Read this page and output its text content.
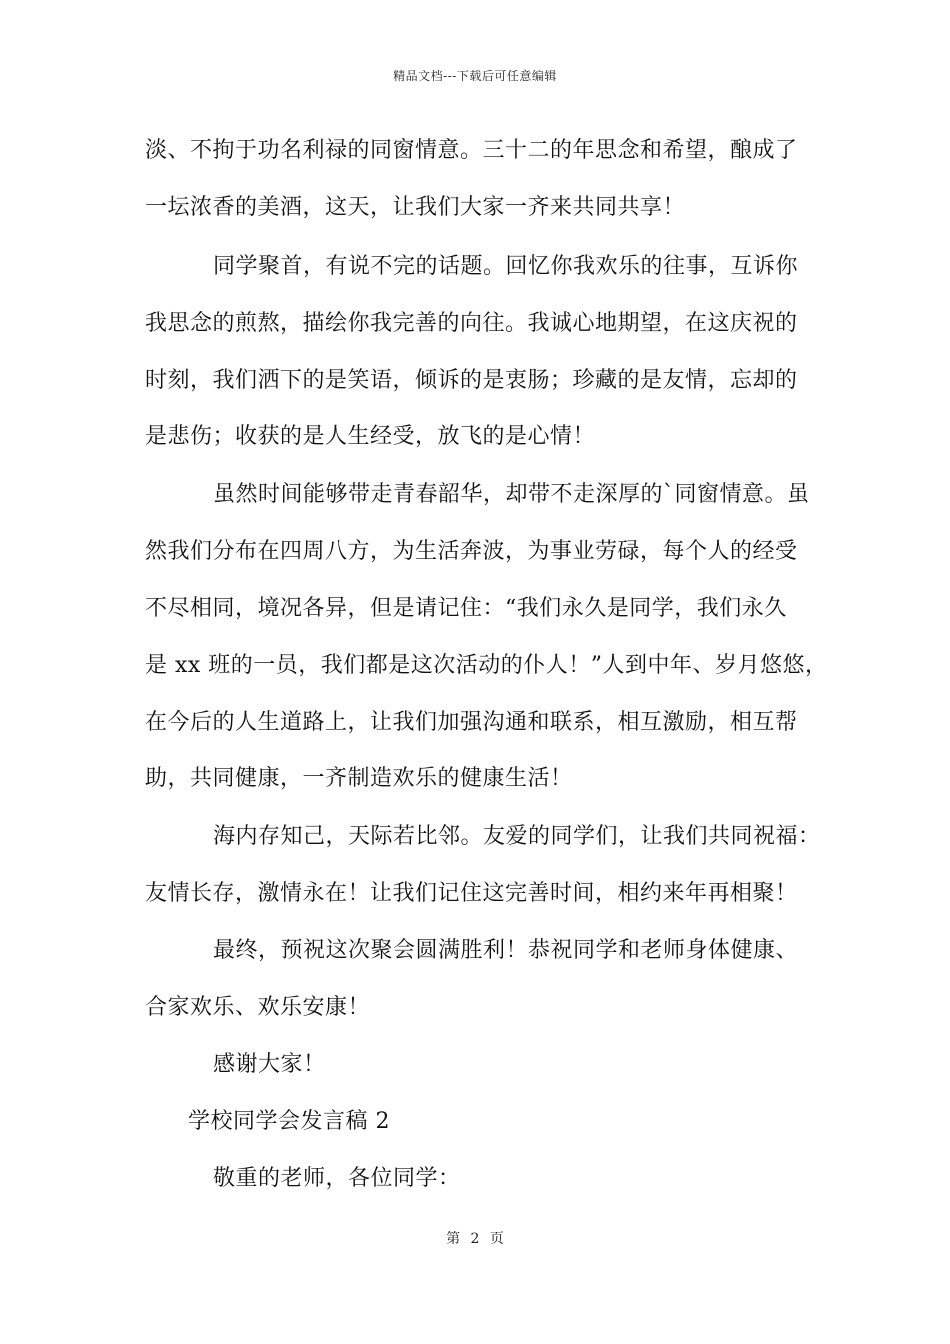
精品文档---下载后可任意编辑
淡、不拘于功名利禄的同窗情意。三十二的年思念和希望，酿成了
一坛浓香的美酒，这天，让我们大家一齐来共同共享！
同学聚首，有说不完的话题。回忆你我欢乐的往事，互诉你
我思念的煎熬，描绘你我完善的向往。我诚心地期望，在这庆祝的
时刻，我们洒下的是笑语，倾诉的是衷肠；珍藏的是友情，忘却的
是悲伤；收获的是人生经受，放飞的是心情！
虽然时间能够带走青春韶华，却带不走深厚的`同窗情意。虽
然我们分布在四周八方，为生活奔波，为事业劳碌，每个人的经受
不尽相同，境况各异，但是请记住：“我们永久是同学，我们永久
是 xx 班的一员，我们都是这次活动的仆人！”人到中年、岁月悠悠，
在今后的人生道路上，让我们加强沟通和联系，相互激励，相互帮
助，共同健康，一齐制造欢乐的健康生活！
海内存知己，天际若比邻。友爱的同学们，让我们共同祝福：
友情长存，激情永在！让我们记住这完善时间，相约来年再相聚！
最终，预祝这次聚会圆满胜利！恭祝同学和老师身体健康、
合家欢乐、欢乐安康！
感谢大家！
学校同学会发言稿 2
敬重的老师，各位同学：
第 2 页
